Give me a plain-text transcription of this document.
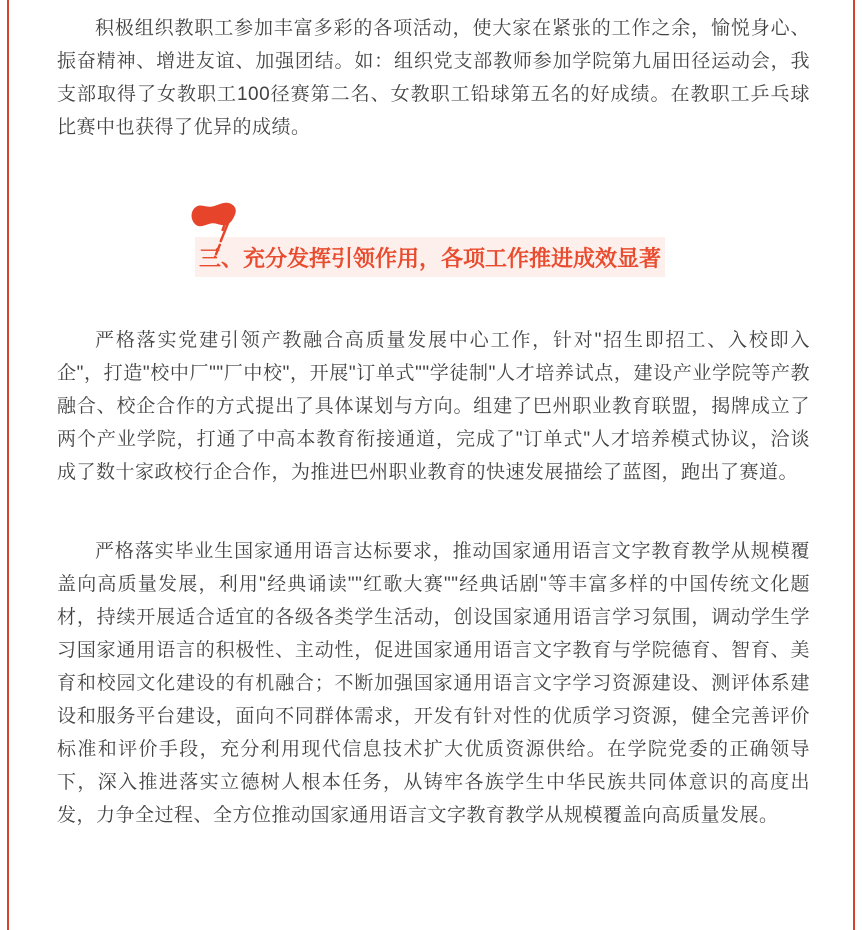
积极组织教职工参加丰富多彩的各项活动，使大家在紧张的工作之余，愉悦身心、振奋精神、增进友谊、加强团结。如：组织党支部教师参加学院第九届田径运动会，我支部取得了女教职工100径赛第二名、女教职工铅球第五名的好成绩。在教职工乒乓球比赛中也获得了优异的成绩。

三、充分发挥引领作用，各项工作推进成效显著

严格落实党建引领产教融合高质量发展中心工作，针对"招生即招工、入校即入企"，打造"校中厂""厂中校"，开展"订单式""学徒制"人才培养试点，建设产业学院等产教融合、校企合作的方式提出了具体谋划与方向。组建了巴州职业教育联盟，揭牌成立了两个产业学院，打通了中高本教育衔接通道，完成了"订单式"人才培养模式协议，洽谈成了数十家政校行企合作，为推进巴州职业教育的快速发展描绘了蓝图，跑出了赛道。

严格落实毕业生国家通用语言达标要求，推动国家通用语言文字教育教学从规模覆盖向高质量发展，利用"经典诵读""红歌大赛""经典话剧"等丰富多样的中国传统文化题材，持续开展适合适宜的各级各类学生活动，创设国家通用语言学习氛围，调动学生学习国家通用语言的积极性、主动性，促进国家通用语言文字教育与学院德育、智育、美育和校园文化建设的有机融合；不断加强国家通用语言文字学习资源建设、测评体系建设和服务平台建设，面向不同群体需求，开发有针对性的优质学习资源，健全完善评价标准和评价手段，充分利用现代信息技术扩大优质资源供给。在学院党委的正确领导下，深入推进落实立德树人根本任务，从铸牢各族学生中华民族共同体意识的高度出发，力争全过程、全方位推动国家通用语言文字教育教学从规模覆盖向高质量发展。
